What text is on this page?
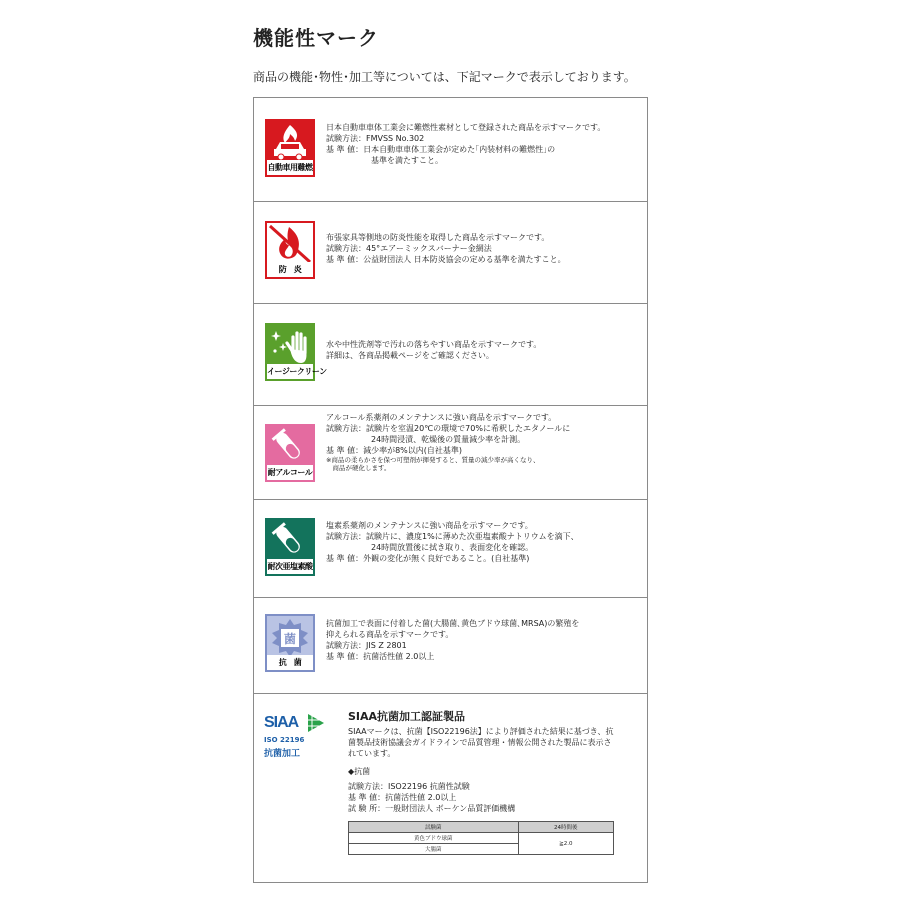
機能性マーク
商品の機能･物性･加工等については、下記マークで表示しております。
自動車用難燃
日本自動車車体工業会に難燃性素材として登録された商品を示すマークです。
試験方法：FMVSS No.302
基 準 値：日本自動車車体工業会が定めた｢内装材料の難燃性｣の
基準を満たすこと。
防　炎
布張家具等側地の防炎性能を取得した商品を示すマークです。
試験方法：45°エアーミックスバーナー金網法
基 準 値：公益財団法人 日本防炎協会の定める基準を満たすこと。
イージークリーン
水や中性洗剤等で汚れの落ちやすい商品を示すマークです。
詳細は、各商品掲載ページをご確認ください。
耐アルコール
アルコール系薬剤のメンテナンスに強い商品を示すマークです。
試験方法：試験片を室温20℃の環境で70%に希釈したエタノールに
24時間浸漬、乾燥後の質量減少率を計測。
基 準 値：減少率が8%以内(自社基準)
※商品の柔らかさを保つ可塑剤が揮発すると、質量の減少率が高くなり、
　商品が硬化します。
耐次亜塩素酸
塩素系薬剤のメンテナンスに強い商品を示すマークです。
試験方法：試験片に、濃度1%に薄めた次亜塩素酸ナトリウムを滴下、
24時間放置後に拭き取り、表面変化を確認。
基 準 値：外観の変化が無く良好であること。(自社基準)
菌
抗　菌
抗菌加工で表面に付着した菌(大腸菌､黄色ブドウ球菌､MRSA)の繁殖を
抑えられる商品を示すマークです。
試験方法：JIS Z 2801
基 準 値：抗菌活性値 2.0以上
SIAA
ISO 22196
抗菌加工
SIAA抗菌加工認証製品
SIAAマークは、抗菌【ISO22196法】により評価された結果に基づき、抗菌製品技術協議会ガイドラインで品質管理・情報公開された製品に表示されています。
◆抗菌
試験方法：ISO22196 抗菌性試験
基 準 値：抗菌活性値 2.0以上
試 験 所：一般財団法人 ボーケン品質評価機構
試験菌	24時間後
黄色ブドウ球菌	≧2.0
大腸菌	
